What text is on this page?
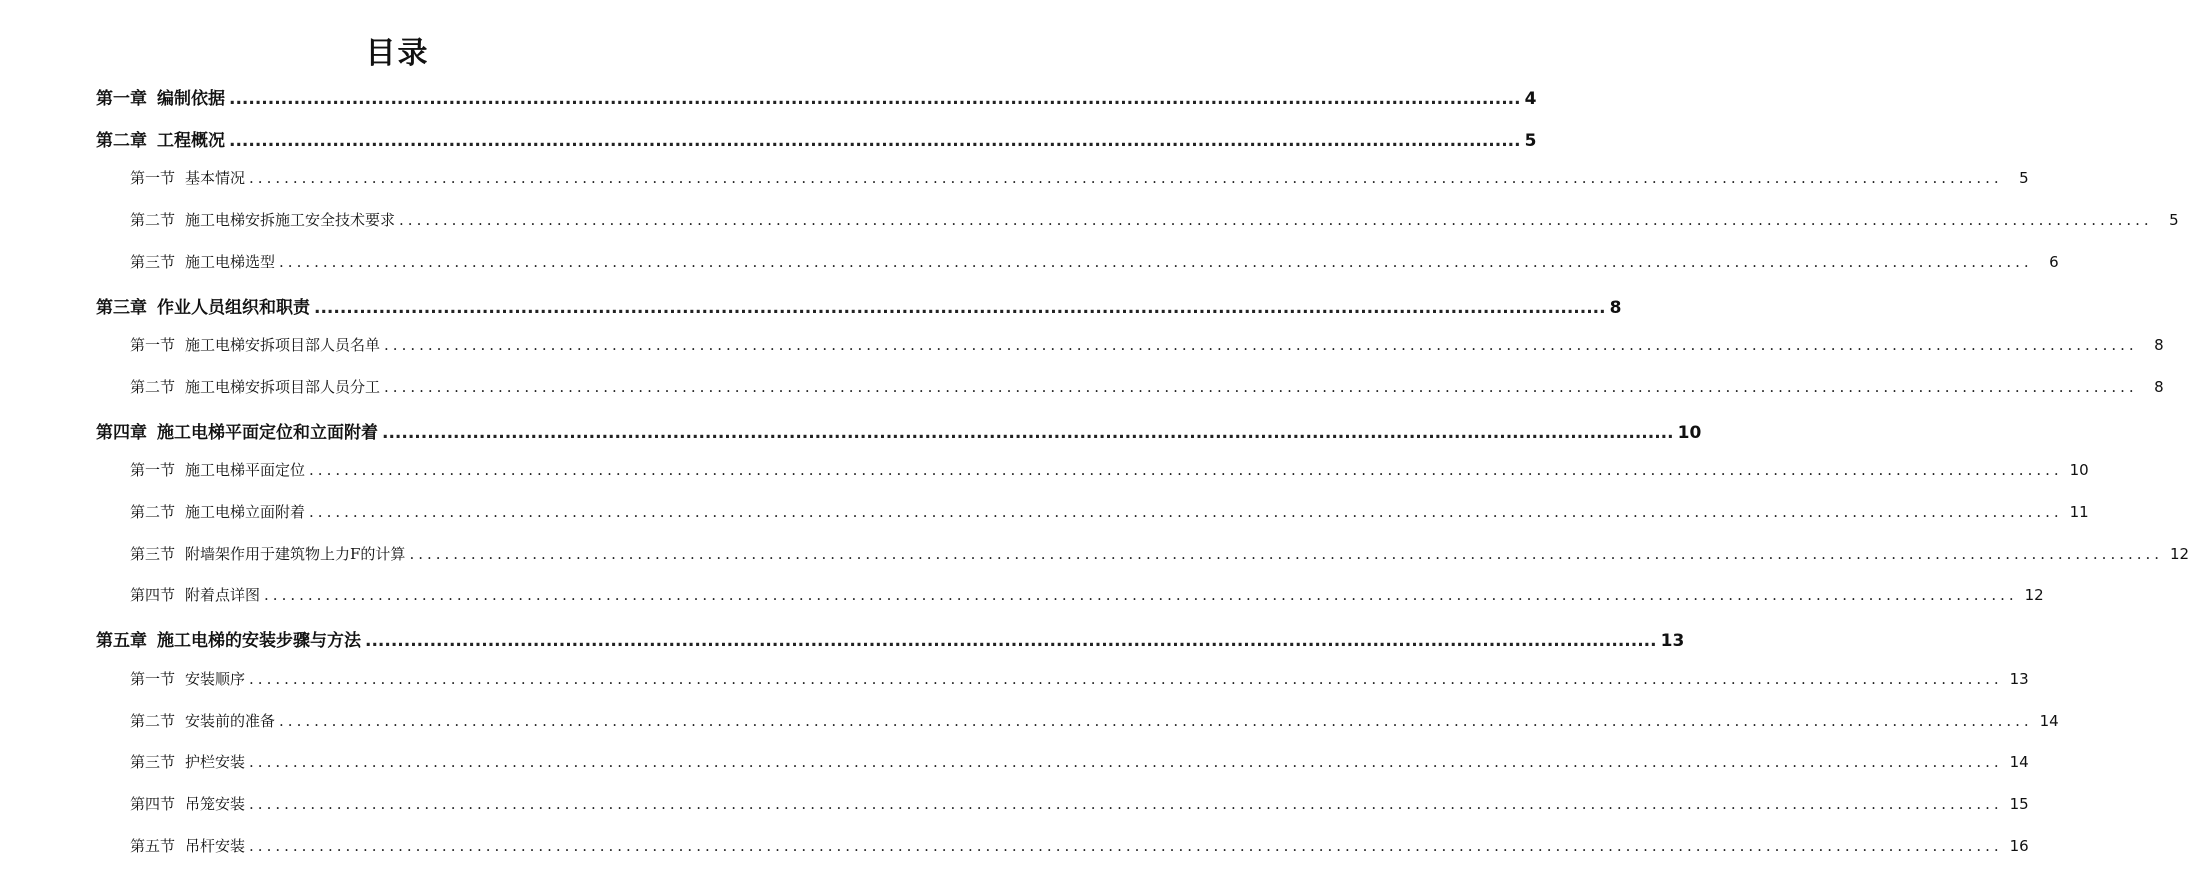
目录
第一章 编制依据 ........................................................................................................................................................................................................ 4
第二章 工程概况 ........................................................................................................................................................................................................ 5
第一节 基本情况 ........................................................................................................................................................................................................	5
第二节 施工电梯安拆施工安全技术要求 ........................................................................................................................................................................................................	5
第三节 施工电梯选型 ........................................................................................................................................................................................................	6
第三章 作业人员组织和职责 ........................................................................................................................................................................................................ 8
第一节 施工电梯安拆项目部人员名单 ........................................................................................................................................................................................................	8
第二节 施工电梯安拆项目部人员分工 ........................................................................................................................................................................................................	8
第四章 施工电梯平面定位和立面附着 ........................................................................................................................................................................................................ 10
第一节 施工电梯平面定位 ........................................................................................................................................................................................................ 10
第二节 施工电梯立面附着 ........................................................................................................................................................................................................ 11
第三节 附墙架作用于建筑物上力F的计算 ........................................................................................................................................................................................................ 12
第四节 附着点详图 ........................................................................................................................................................................................................ 12
第五章 施工电梯的安装步骤与方法 ........................................................................................................................................................................................................ 13
第一节 安装顺序 ........................................................................................................................................................................................................ 13
第二节 安装前的准备 ........................................................................................................................................................................................................ 14
第三节 护栏安装 ........................................................................................................................................................................................................ 14
第四节 吊笼安装 ........................................................................................................................................................................................................ 15
第五节 吊杆安装 ........................................................................................................................................................................................................ 16
